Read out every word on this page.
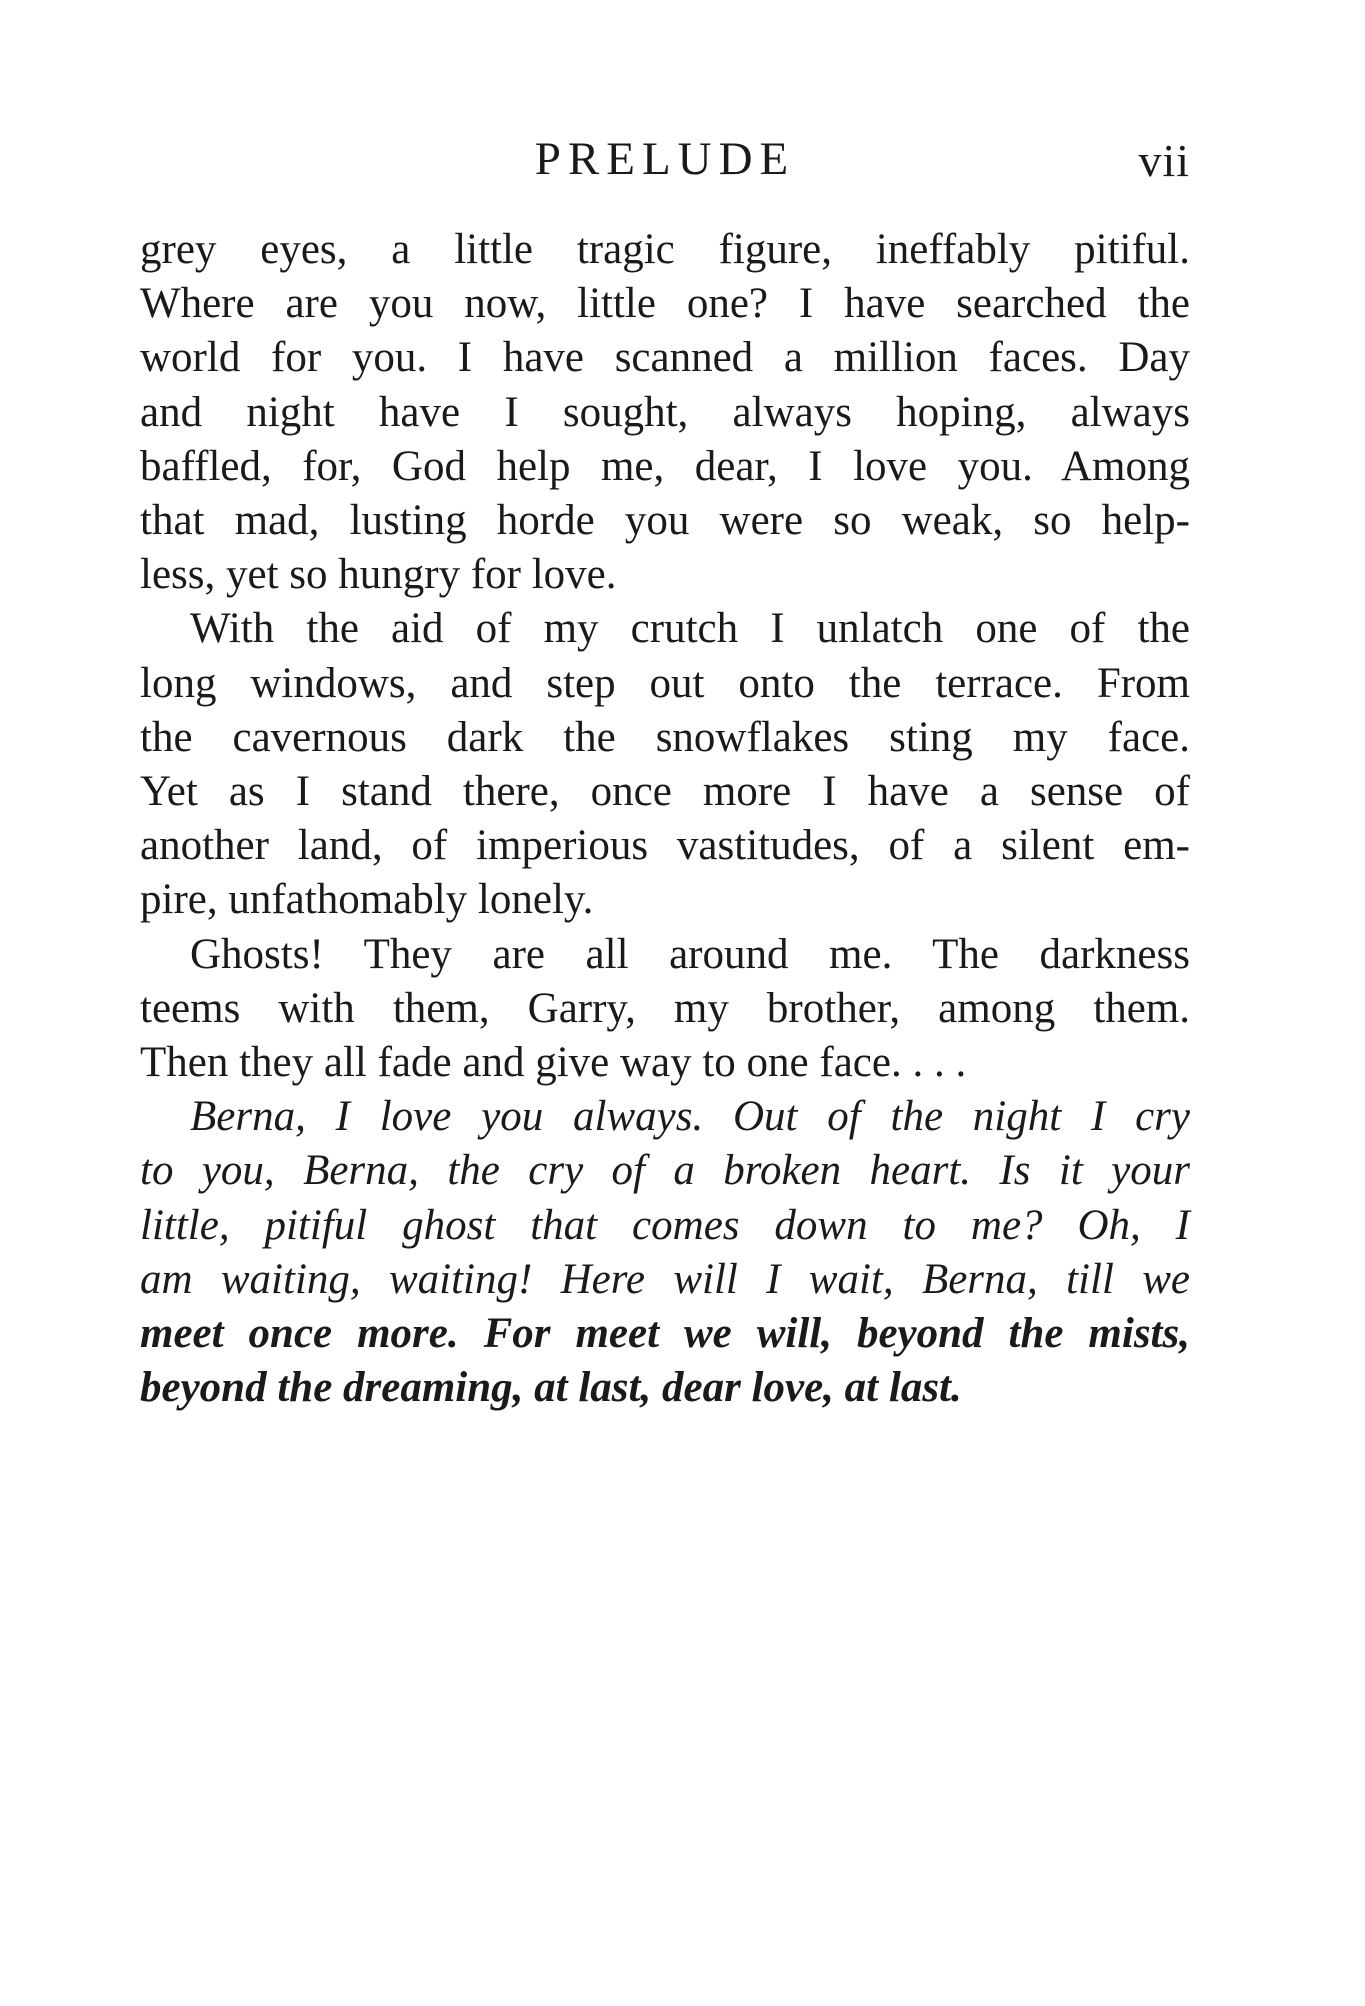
PRELUDE	vii
grey eyes, a little tragic figure, ineffably pitiful.
Where are you now, little one? I have searched the
world for you. I have scanned a million faces. Day
and night have I sought, always hoping, always
baffled, for, God help me, dear, I love you. Among
that mad, lusting horde you were so weak, so help-
less, yet so hungry for love.
With the aid of my crutch I unlatch one of the
long windows, and step out onto the terrace. From
the cavernous dark the snowflakes sting my face.
Yet as I stand there, once more I have a sense of
another land, of imperious vastitudes, of a silent em-
pire, unfathomably lonely.
Ghosts! They are all around me. The darkness
teems with them, Garry, my brother, among them.
Then they all fade and give way to one face. . . .
Berna, I love you always. Out of the night I cry
to you, Berna, the cry of a broken heart. Is it your
little, pitiful ghost that comes down to me? Oh, I
am waiting, waiting! Here will I wait, Berna, till we
meet once more. For meet we will, beyond the mists,
beyond the dreaming, at last, dear love, at last.
